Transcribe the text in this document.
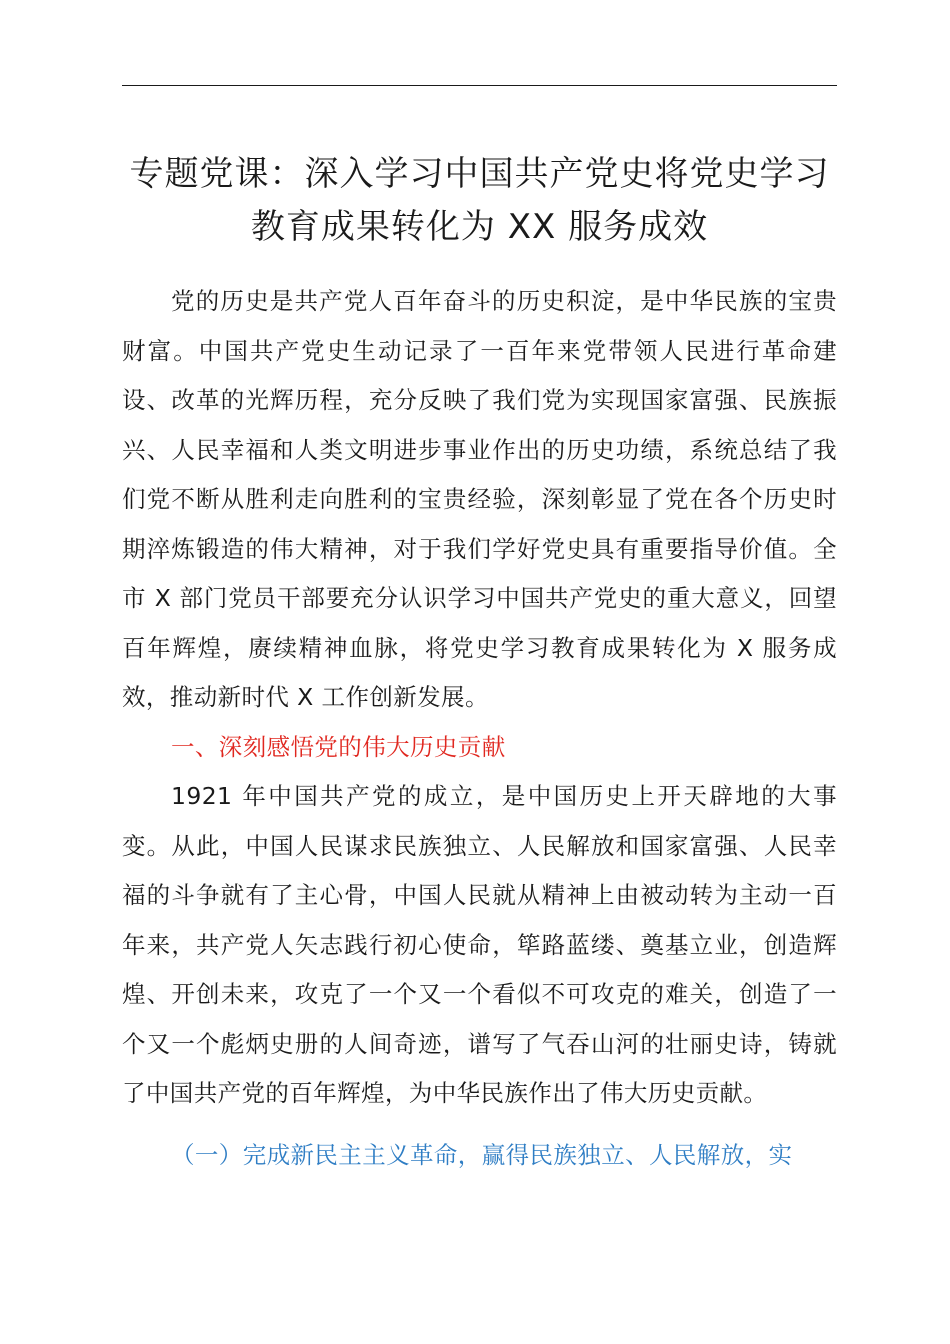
专题党课：深入学习中国共产党史将党史学习
教育成果转化为 XX 服务成效

党的历史是共产党人百年奋斗的历史积淀，是中华民族的宝贵财富。中国共产党史生动记录了一百年来党带领人民进行革命建设、改革的光辉历程，充分反映了我们党为实现国家富强、民族振兴、人民幸福和人类文明进步事业作出的历史功绩，系统总结了我们党不断从胜利走向胜利的宝贵经验，深刻彰显了党在各个历史时期淬炼锻造的伟大精神，对于我们学好党史具有重要指导价值。全市 X 部门党员干部要充分认识学习中国共产党史的重大意义，回望百年辉煌，赓续精神血脉，将党史学习教育成果转化为 X 服务成效，推动新时代 X 工作创新发展。

一、深刻感悟党的伟大历史贡献

1921 年中国共产党的成立，是中国历史上开天辟地的大事变。从此，中国人民谋求民族独立、人民解放和国家富强、人民幸福的斗争就有了主心骨，中国人民就从精神上由被动转为主动一百年来，共产党人矢志践行初心使命，筚路蓝缕、奠基立业，创造辉煌、开创未来，攻克了一个又一个看似不可攻克的难关，创造了一个又一个彪炳史册的人间奇迹，谱写了气吞山河的壮丽史诗，铸就了中国共产党的百年辉煌，为中华民族作出了伟大历史贡献。

（一）完成新民主主义革命，赢得民族独立、人民解放，实
